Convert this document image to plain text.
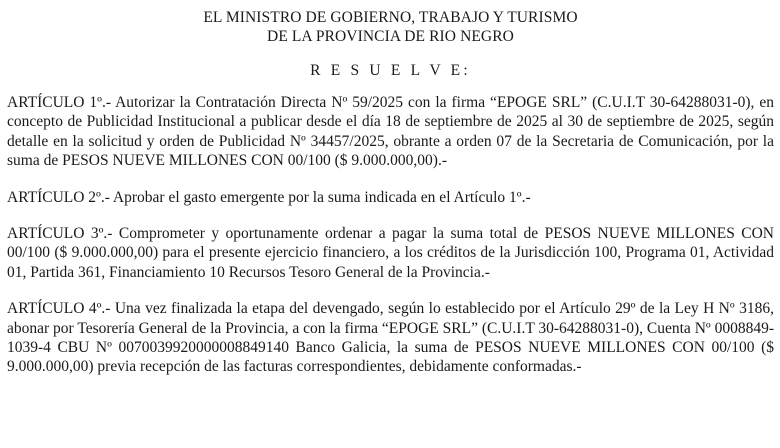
EL MINISTRO DE GOBIERNO, TRABAJO Y TURISMO

DE LA PROVINCIA DE RIO NEGRO

R E S U E L V E:

ARTÍCULO 1º.- Autorizar la Contratación Directa Nº 59/2025 con la firma “EPOGE SRL” (C.U.I.T 30-64288031-0), en concepto de Publicidad Institucional a publicar desde el día 18 de septiembre de 2025 al 30 de septiembre de 2025, según detalle en la solicitud y orden de Publicidad Nº 34457/2025, obrante a orden 07 de la Secretaria de Comunicación, por la suma de PESOS NUEVE MILLONES CON 00/100 ($ 9.000.000,00).-

ARTÍCULO 2º.- Aprobar el gasto emergente por la suma indicada en el Artículo 1º.-

ARTÍCULO 3º.- Comprometer y oportunamente ordenar a pagar la suma total de PESOS NUEVE MILLONES CON 00/100 ($ 9.000.000,00) para el presente ejercicio financiero, a los créditos de la Jurisdicción 100, Programa 01, Actividad 01, Partida 361, Financiamiento 10 Recursos Tesoro General de la Provincia.-

ARTÍCULO 4º.- Una vez finalizada la etapa del devengado, según lo establecido por el Artículo 29º de la Ley H Nº 3186, abonar por Tesorería General de la Provincia, a con la firma “EPOGE SRL” (C.U.I.T 30-64288031-0), Cuenta Nº 0008849-1039-4 CBU Nº 0070039920000008849140 Banco Galicia, la suma de PESOS NUEVE MILLONES CON 00/100 ($ 9.000.000,00) previa recepción de las facturas correspondientes, debidamente conformadas.-
